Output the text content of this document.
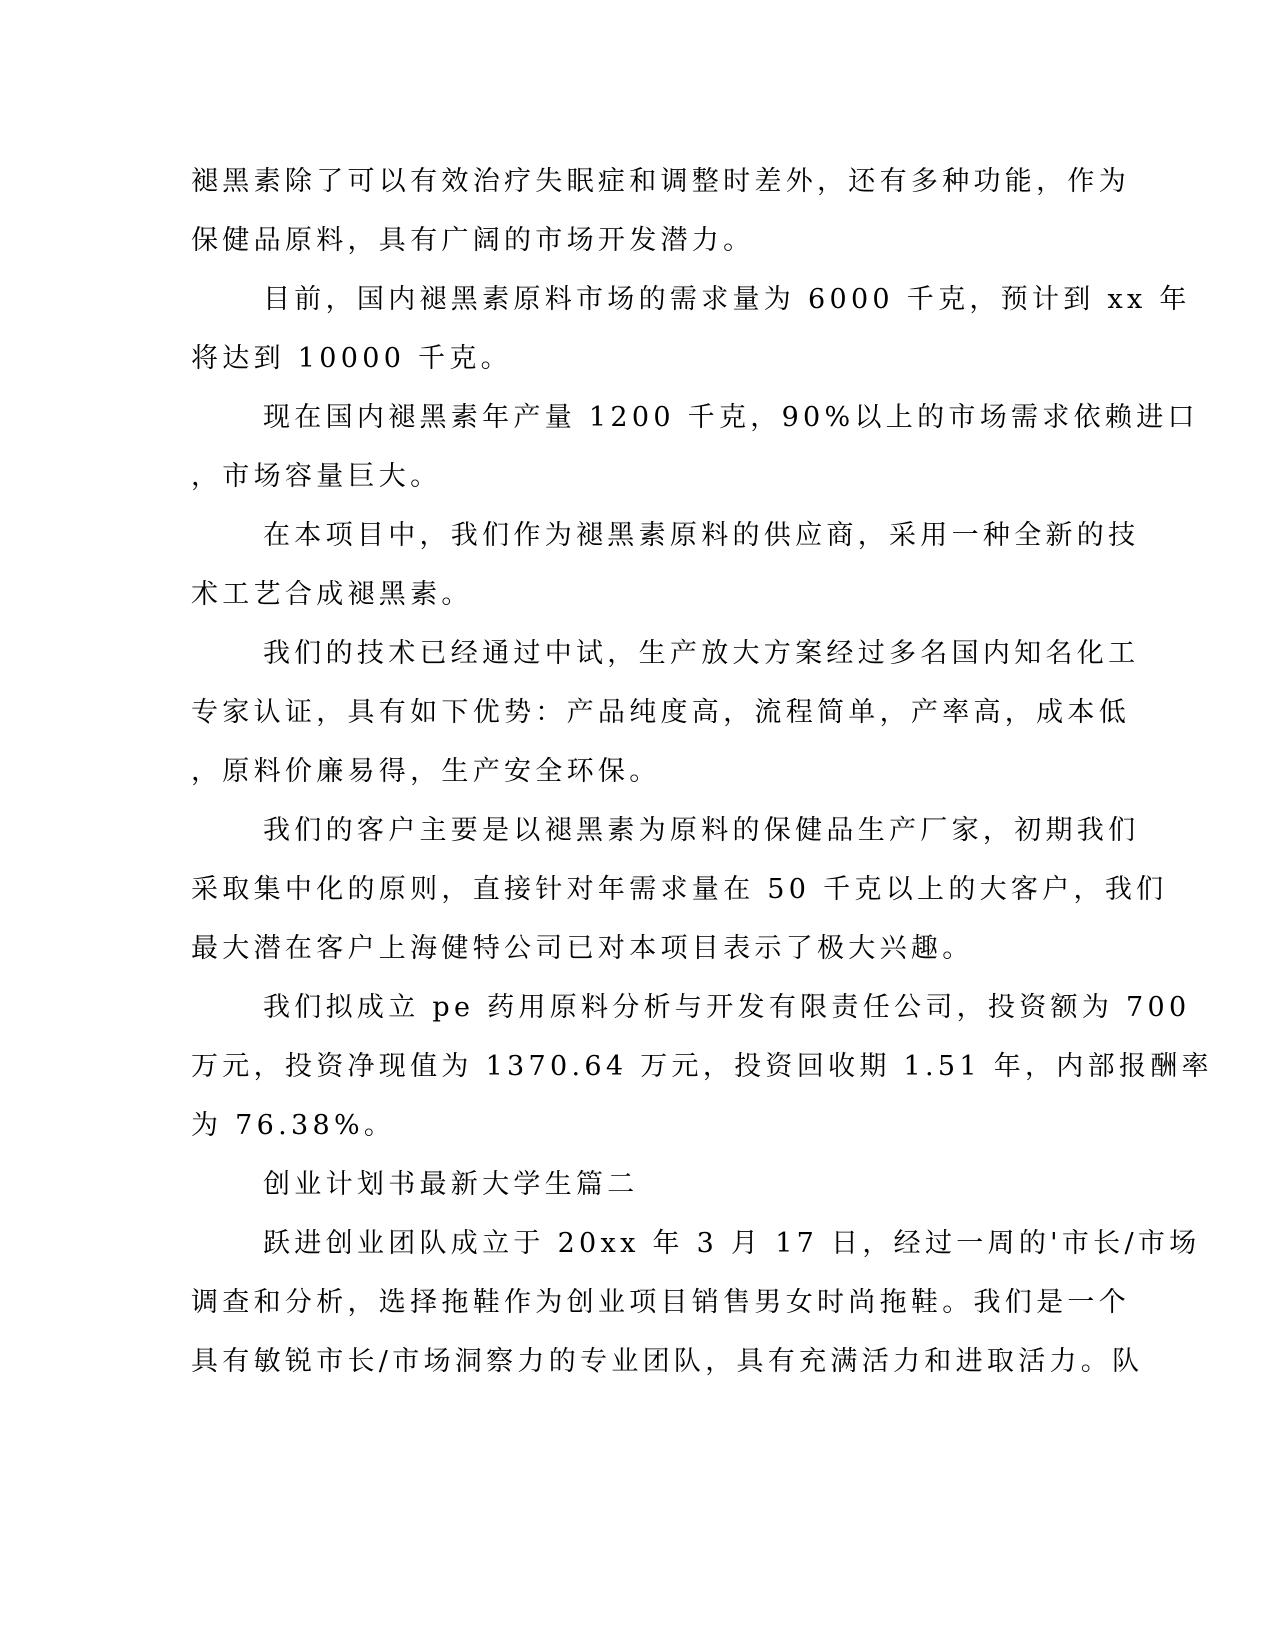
褪黑素除了可以有效治疗失眠症和调整时差外，还有多种功能，作为
保健品原料，具有广阔的市场开发潜力。
目前，国内褪黑素原料市场的需求量为 6000 千克，预计到 xx 年
将达到 10000 千克。
现在国内褪黑素年产量 1200 千克，90%以上的市场需求依赖进口
，市场容量巨大。
在本项目中，我们作为褪黑素原料的供应商，采用一种全新的技
术工艺合成褪黑素。
我们的技术已经通过中试，生产放大方案经过多名国内知名化工
专家认证，具有如下优势：产品纯度高，流程简单，产率高，成本低
，原料价廉易得，生产安全环保。
我们的客户主要是以褪黑素为原料的保健品生产厂家，初期我们
采取集中化的原则，直接针对年需求量在 50 千克以上的大客户，我们
最大潜在客户上海健特公司已对本项目表示了极大兴趣。
我们拟成立 pe 药用原料分析与开发有限责任公司，投资额为 700
万元，投资净现值为 1370.64 万元，投资回收期 1.51 年，内部报酬率
为 76.38%。
创业计划书最新大学生篇二
跃进创业团队成立于 20xx 年 3 月 17 日，经过一周的'市长/市场
调查和分析，选择拖鞋作为创业项目销售男女时尚拖鞋。我们是一个
具有敏锐市长/市场洞察力的专业团队，具有充满活力和进取活力。队
